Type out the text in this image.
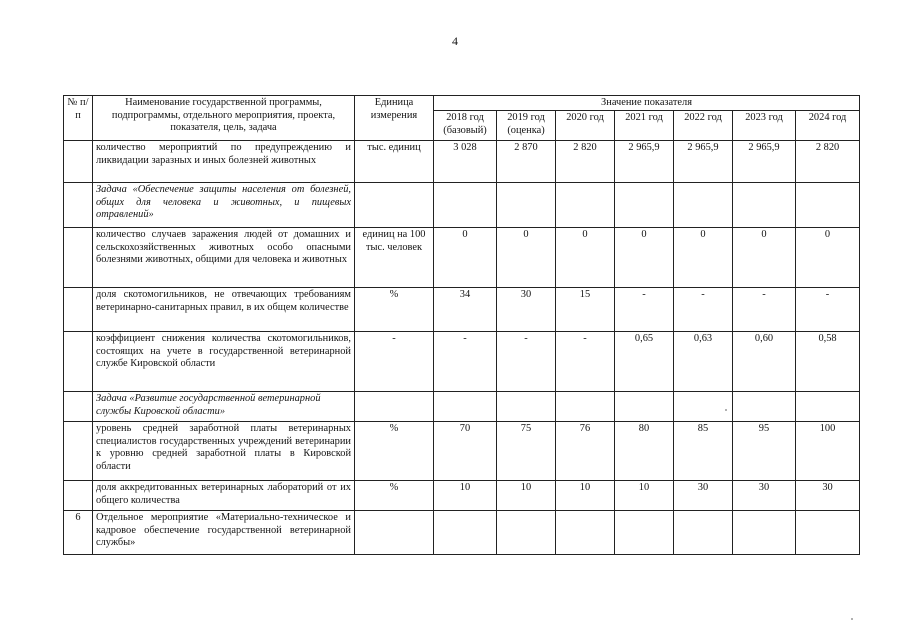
4
№ п/п	Наименование государственной программы, подпрограммы, отдельного мероприятия, проекта, показателя, цель, задача	Единица измерения	Значение показателя						
			2018 год (базовый)	2019 год (оценка)	2020 год	2021 год	2022 год	2023 год	2024 год
	количество мероприятий по предупреждению и ликвидации заразных и иных болезней животных	тыс. единиц	3 028	2 870	2 820	2 965,9	2 965,9	2 965,9	2 820
	Задача «Обеспечение защиты населения от болезней, общих для человека и животных, и пищевых отравлений»								
	количество случаев заражения людей от домашних и сельскохозяйственных животных особо опасными болезнями животных, общими для человека и животных	единиц на 100 тыс. человек	0	0	0	0	0	0	0
	доля скотомогильников, не отвечающих требованиям ветеринарно-санитарных правил, в их общем количестве	%	34	30	15	-	-	-	-
	коэффициент снижения количества скотомогильников, состоящих на учете в государственной ветеринарной службе Кировской области	-	-	-	-	0,65	0,63	0,60	0,58
	Задача «Развитие государственной ветеринарной службы Кировской области»								
	уровень средней заработной платы ветеринарных специалистов государственных учреждений ветеринарии к уровню средней заработной платы в Кировской области	%	70	75	76	80	85	95	100
	доля аккредитованных ветеринарных лабораторий от их общего количества	%	10	10	10	10	30	30	30
6	Отдельное мероприятие «Материально-техническое и кадровое обеспечение государственной ветеринарной службы»								
